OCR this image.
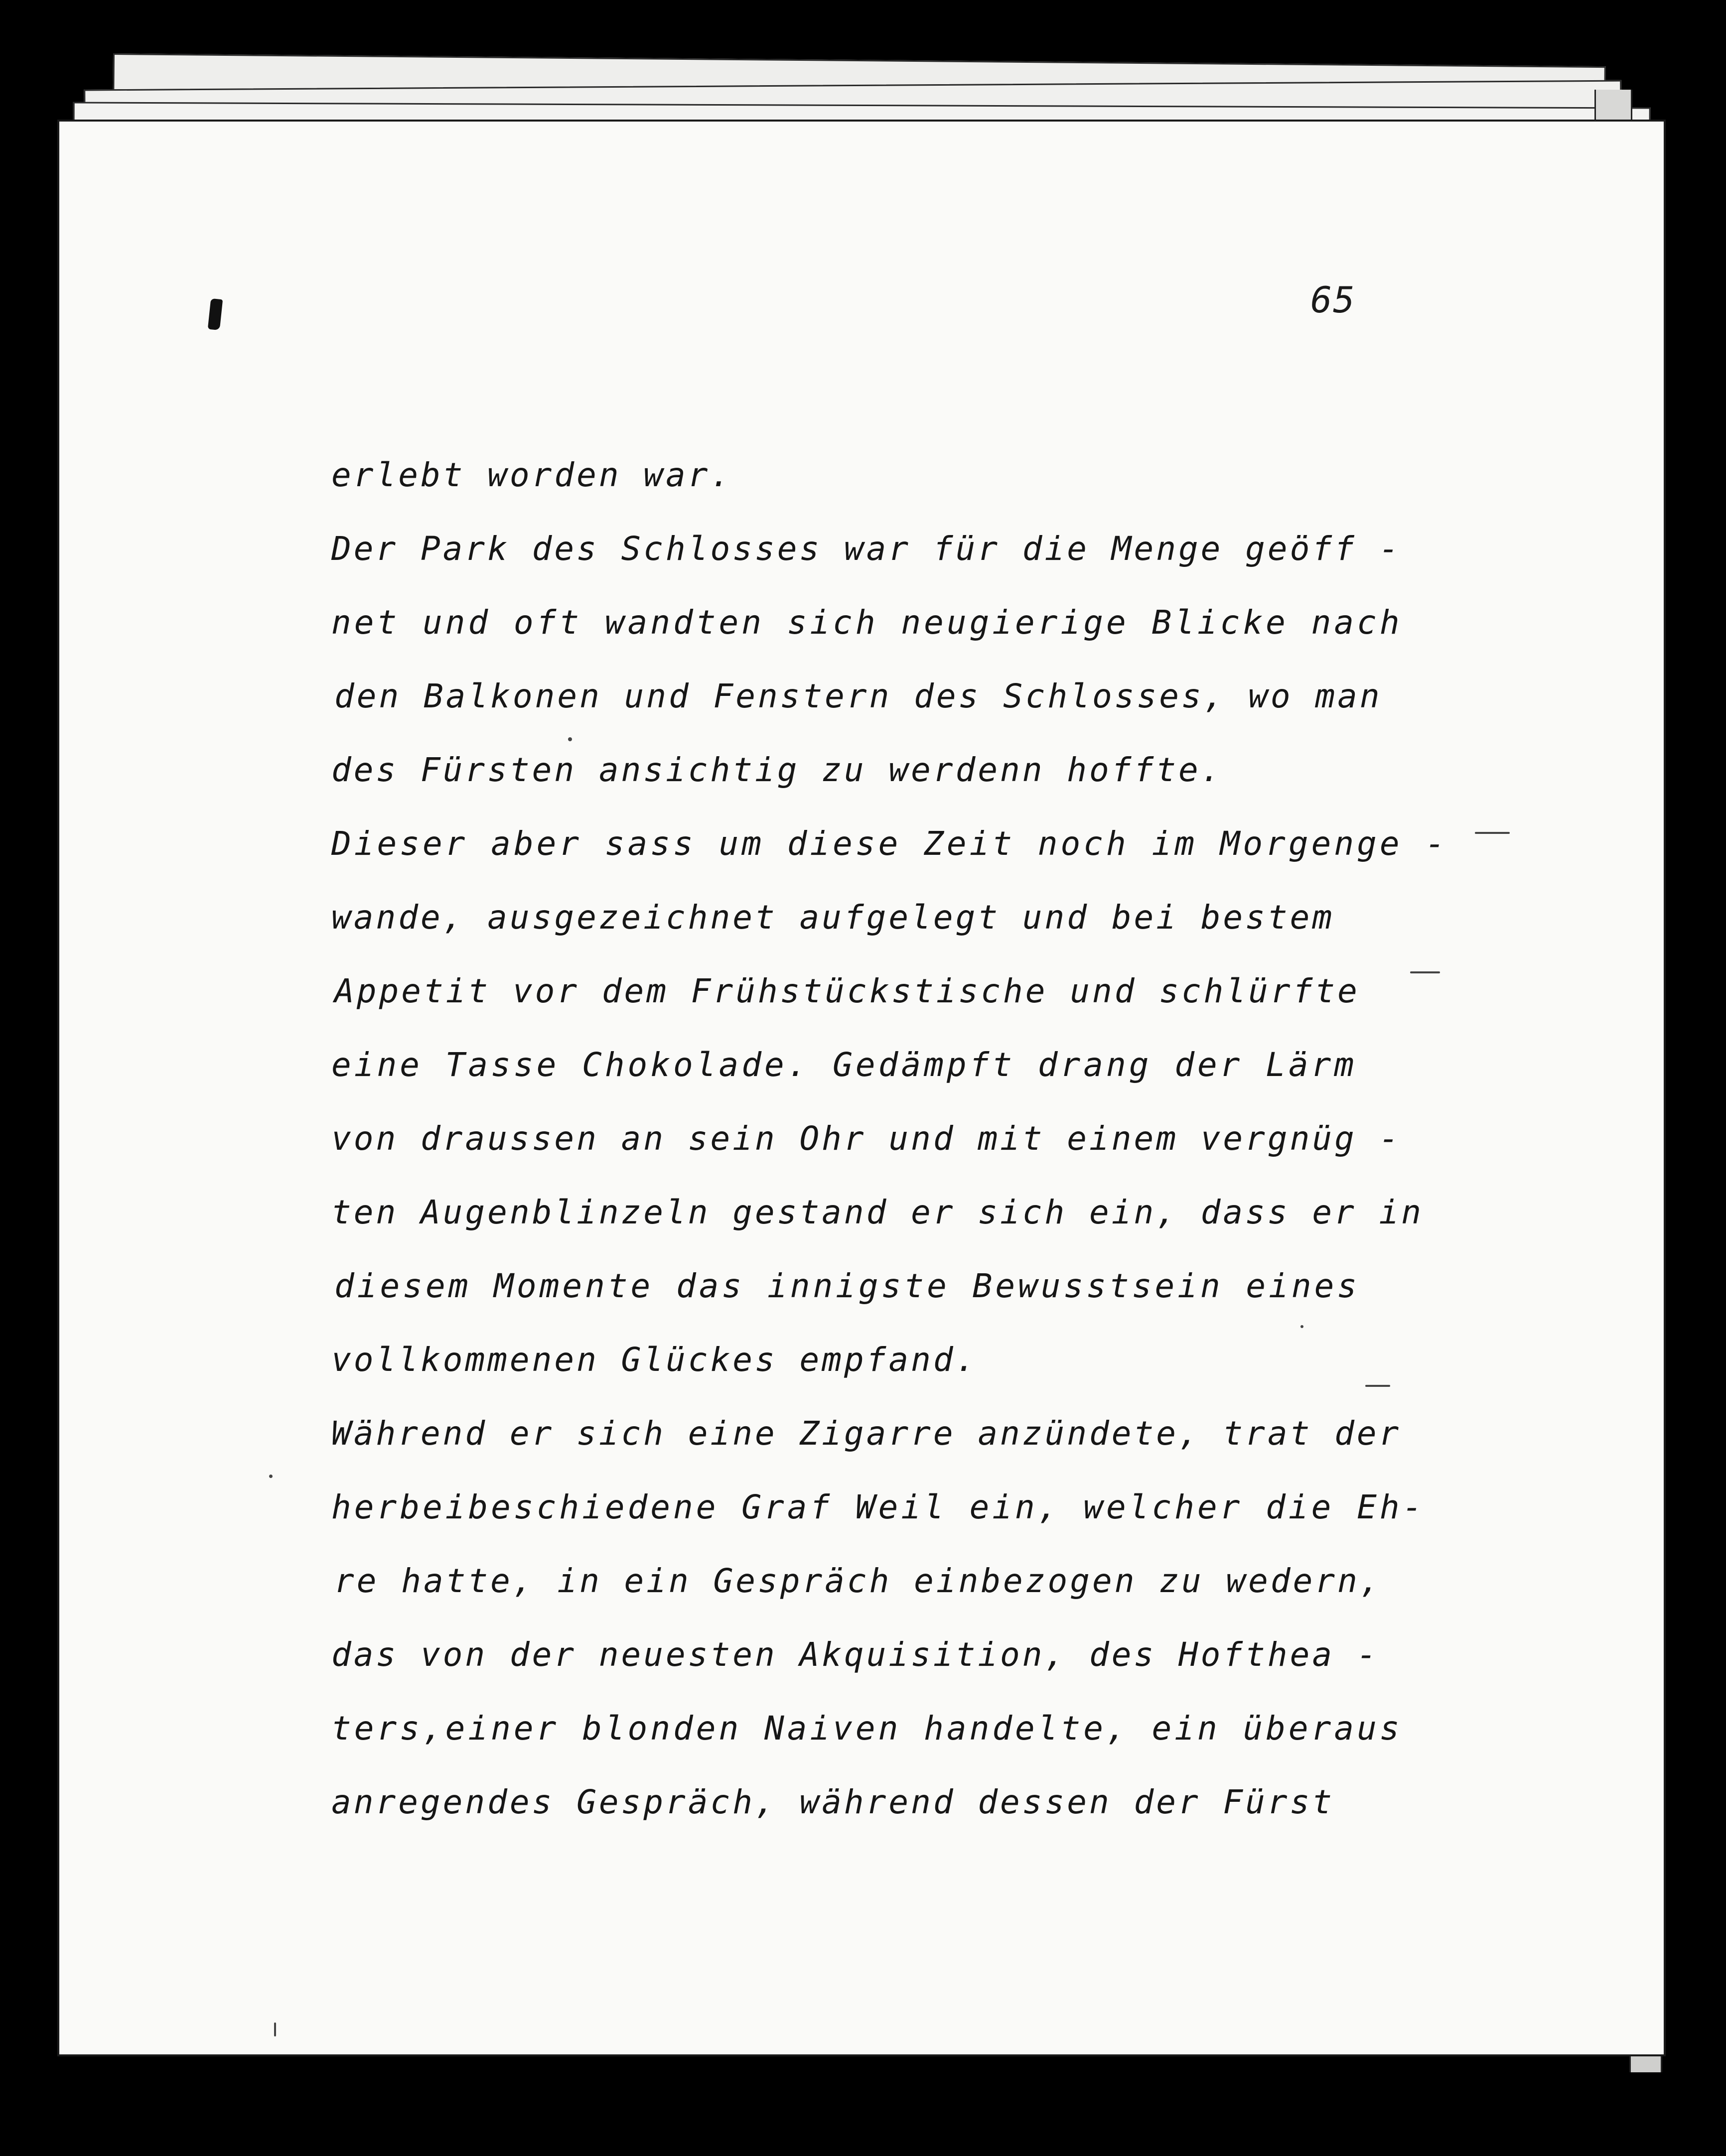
65
erlebt worden war.
Der Park des Schlosses war für die Menge geöff -
net und oft wandten sich neugierige Blicke nach
den Balkonen und Fenstern des Schlosses, wo man
des Fürsten ansichtig zu werdenn hoffte.
Dieser aber sass um diese Zeit noch im Morgenge -
wande, ausgezeichnet aufgelegt und bei bestem
Appetit vor dem Frühstückstische und schlürfte
eine Tasse Chokolade. Gedämpft drang der Lärm
von draussen an sein Ohr und mit einem vergnüg -
ten Augenblinzeln gestand er sich ein, dass er in
diesem Momente das innigste Bewusstsein eines
vollkommenen Glückes empfand.
Während er sich eine Zigarre anzündete, trat der
herbeibeschiedene Graf Weil ein, welcher die Eh-
re hatte, in ein Gespräch einbezogen zu wedern,
das von der neuesten Akquisition, des Hofthea -
ters,einer blonden Naiven handelte, ein überaus
anregendes Gespräch, während dessen der Fürst
